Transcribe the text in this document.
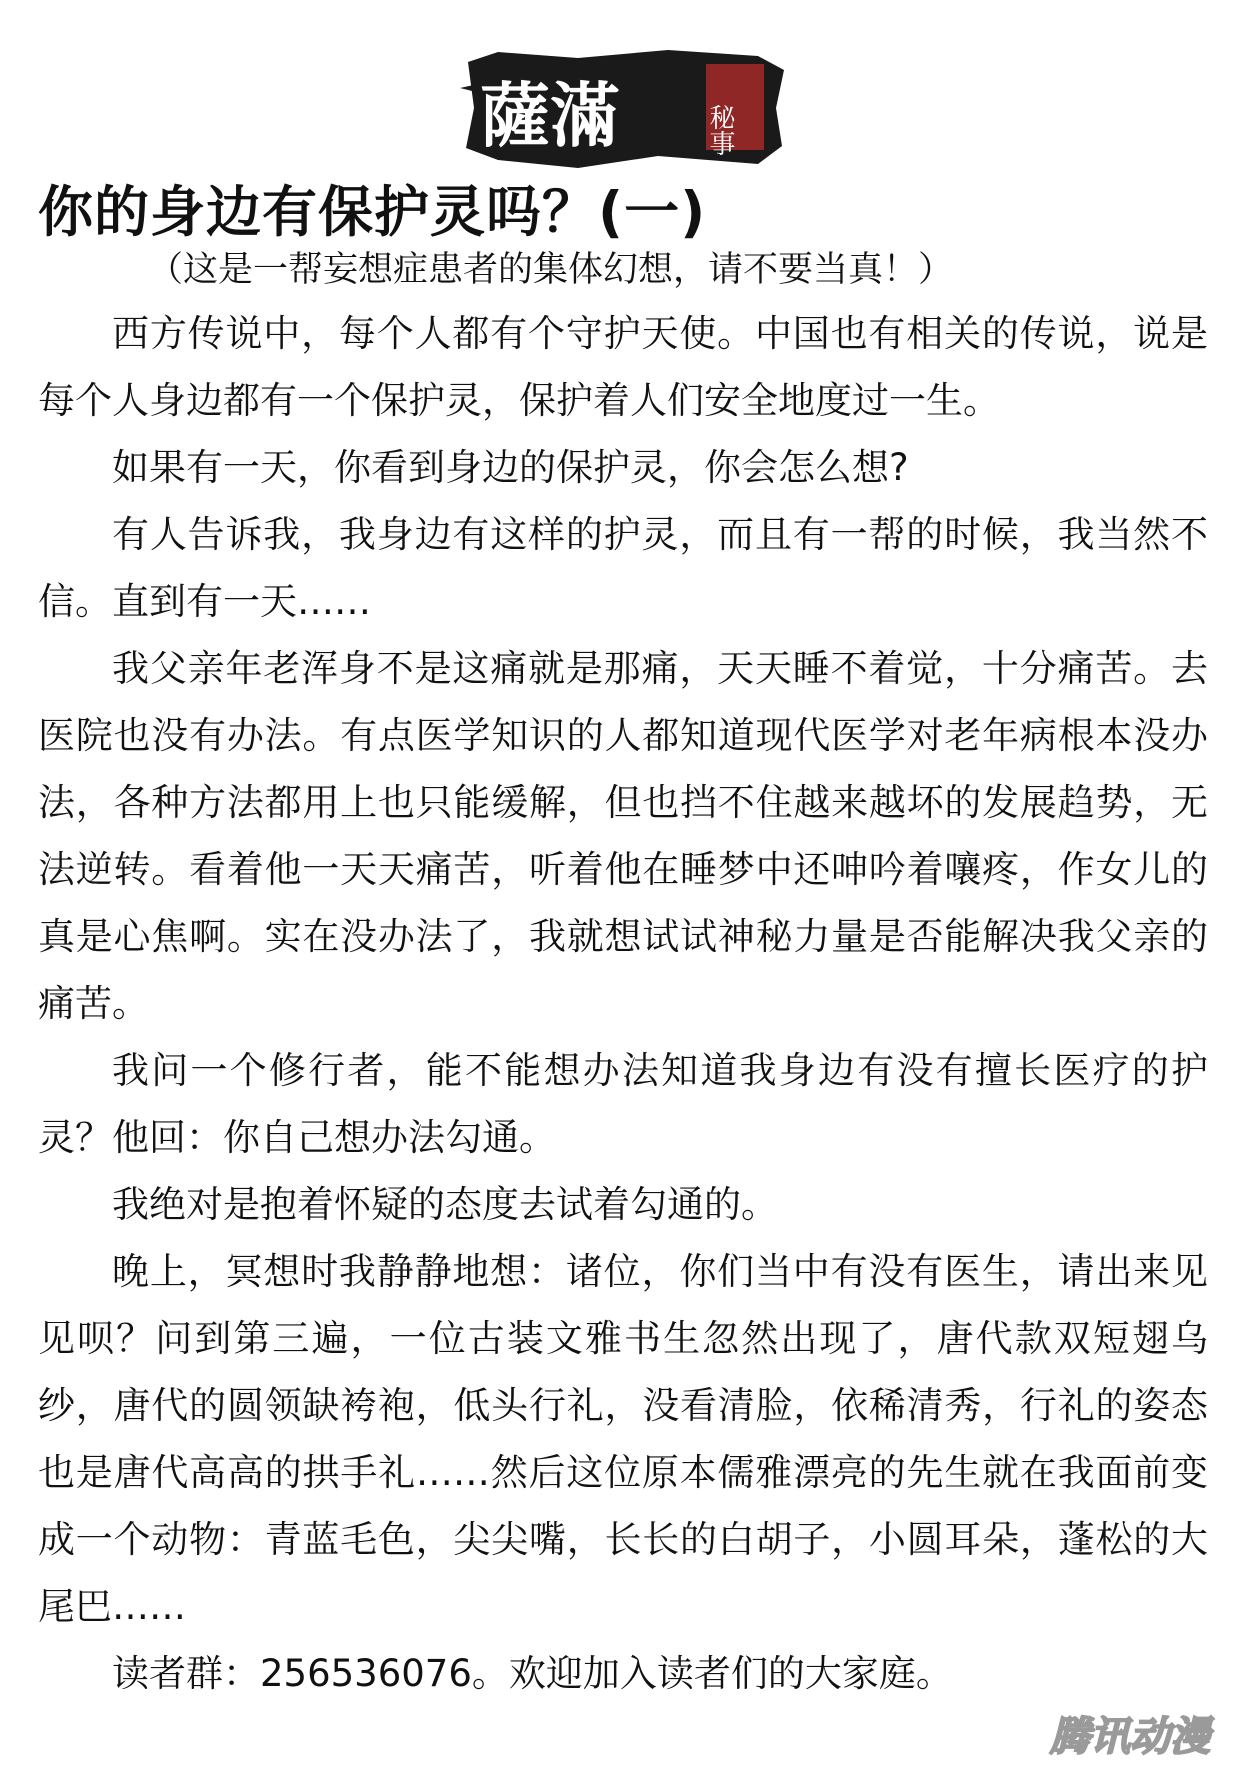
薩滿	秘事
你的身边有保护灵吗？(一)
（这是一帮妄想症患者的集体幻想，请不要当真！）

西方传说中，每个人都有个守护天使。中国也有相关的传说，说是每个人身边都有一个保护灵，保护着人们安全地度过一生。

如果有一天，你看到身边的保护灵，你会怎么想?

有人告诉我，我身边有这样的护灵，而且有一帮的时候，我当然不信。直到有一天……

我父亲年老浑身不是这痛就是那痛，天天睡不着觉，十分痛苦。去医院也没有办法。有点医学知识的人都知道现代医学对老年病根本没办法，各种方法都用上也只能缓解，但也挡不住越来越坏的发展趋势，无法逆转。看着他一天天痛苦，听着他在睡梦中还呻吟着嚷疼，作女儿的真是心焦啊。实在没办法了，我就想试试神秘力量是否能解决我父亲的痛苦。

我问一个修行者，能不能想办法知道我身边有没有擅长医疗的护灵？他回：你自己想办法勾通。

我绝对是抱着怀疑的态度去试着勾通的。

晚上，冥想时我静静地想：诸位，你们当中有没有医生，请出来见见呗？问到第三遍，一位古装文雅书生忽然出现了，唐代款双短翅乌纱，唐代的圆领缺袴袍，低头行礼，没看清脸，依稀清秀，行礼的姿态也是唐代高高的拱手礼……然后这位原本儒雅漂亮的先生就在我面前变成一个动物：青蓝毛色，尖尖嘴，长长的白胡子，小圆耳朵，蓬松的大尾巴……

读者群：256536076。欢迎加入读者们的大家庭。

腾讯动漫
